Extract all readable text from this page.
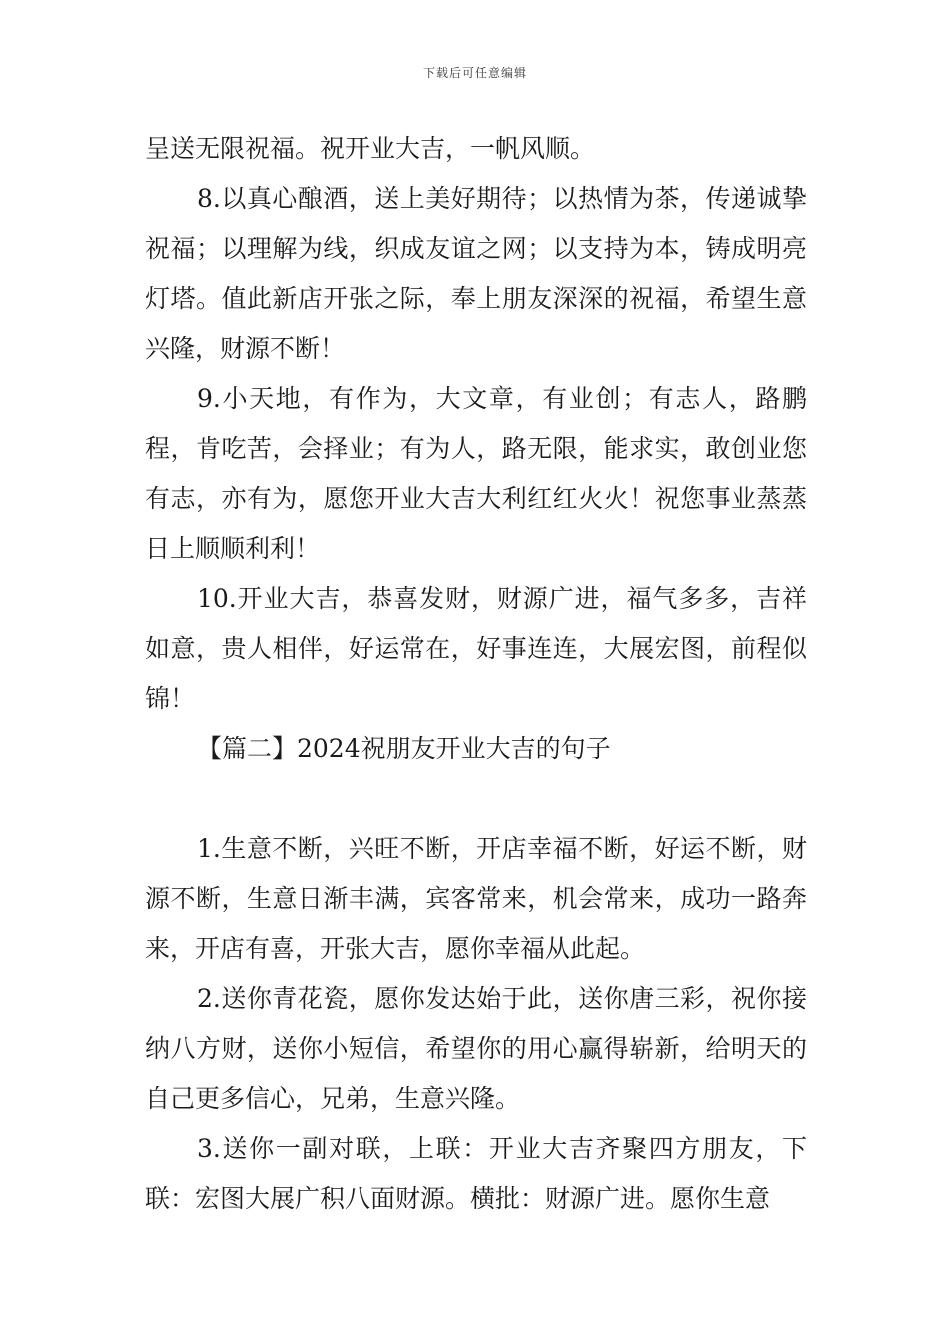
下载后可任意编辑

呈送无限祝福。祝开业大吉，一帆风顺。

8.以真心酿酒，送上美好期待；以热情为茶，传递诚挚祝福；以理解为线，织成友谊之网；以支持为本，铸成明亮灯塔。值此新店开张之际，奉上朋友深深的祝福，希望生意兴隆，财源不断！

9.小天地，有作为，大文章，有业创；有志人，路鹏程，肯吃苦，会择业；有为人，路无限，能求实，敢创业您有志，亦有为，愿您开业大吉大利红红火火！祝您事业蒸蒸日上顺顺利利！

10.开业大吉，恭喜发财，财源广进，福气多多，吉祥如意，贵人相伴，好运常在，好事连连，大展宏图，前程似锦！

【篇二】2024祝朋友开业大吉的句子

1.生意不断，兴旺不断，开店幸福不断，好运不断，财源不断，生意日渐丰满，宾客常来，机会常来，成功一路奔来，开店有喜，开张大吉，愿你幸福从此起。

2.送你青花瓷，愿你发达始于此，送你唐三彩，祝你接纳八方财，送你小短信，希望你的用心赢得崭新，给明天的自己更多信心，兄弟，生意兴隆。

3.送你一副对联，上联：开业大吉齐聚四方朋友，下联：宏图大展广积八面财源。横批：财源广进。愿你生意
